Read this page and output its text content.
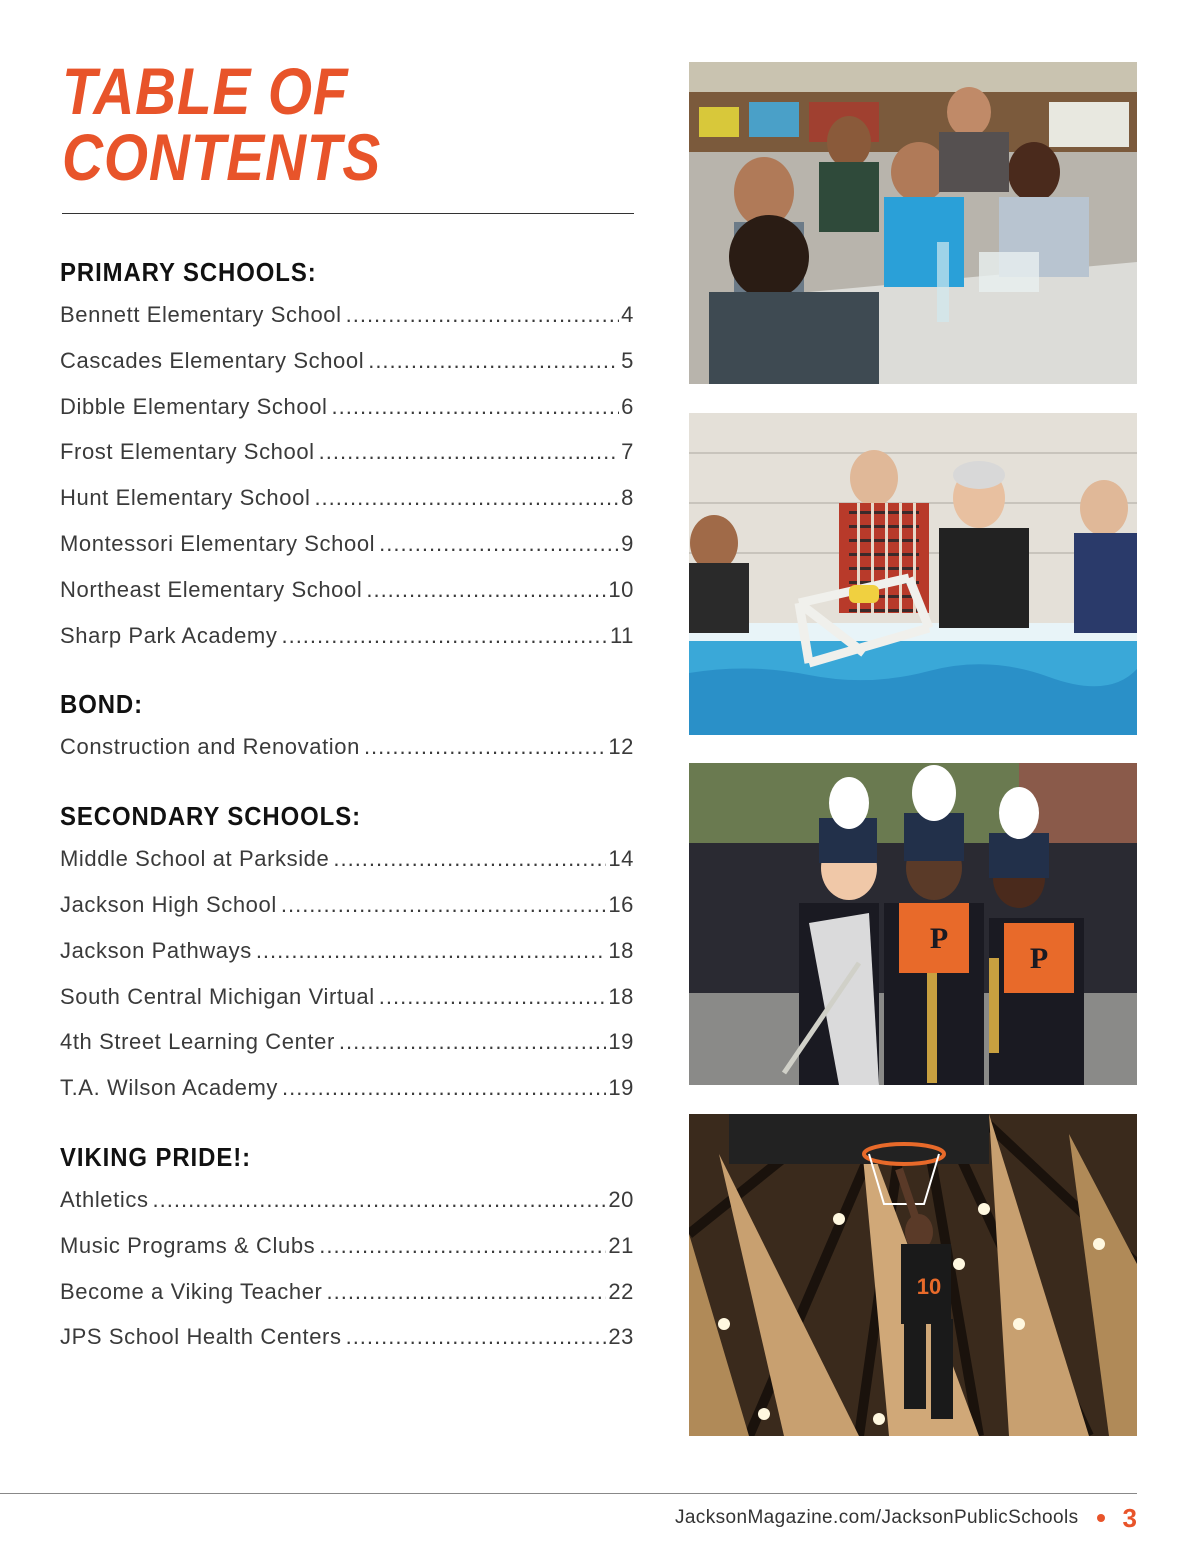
TABLE OF
CONTENTS
PRIMARY SCHOOLS:
Bennett Elementary School .....	4
Cascades Elementary School .....	5
Dibble Elementary School .....	6
Frost Elementary School .....	7
Hunt Elementary School .....	8
Montessori Elementary School .....	9
Northeast Elementary School .....	10
Sharp Park Academy .....	11
BOND:
Construction and Renovation .....	12
SECONDARY SCHOOLS:
Middle School at Parkside .....	14
Jackson High School .....	16
Jackson Pathways .....	18
South Central Michigan Virtual .....	18
4th Street Learning Center .....	19
T.A. Wilson Academy .....	19
VIKING PRIDE!:
Athletics .....	20
Music Programs & Clubs .....	21
Become a Viking Teacher .....	22
JPS School Health Centers .....	23
P
P
10
JacksonMagazine.com/JacksonPublicSchools 3
